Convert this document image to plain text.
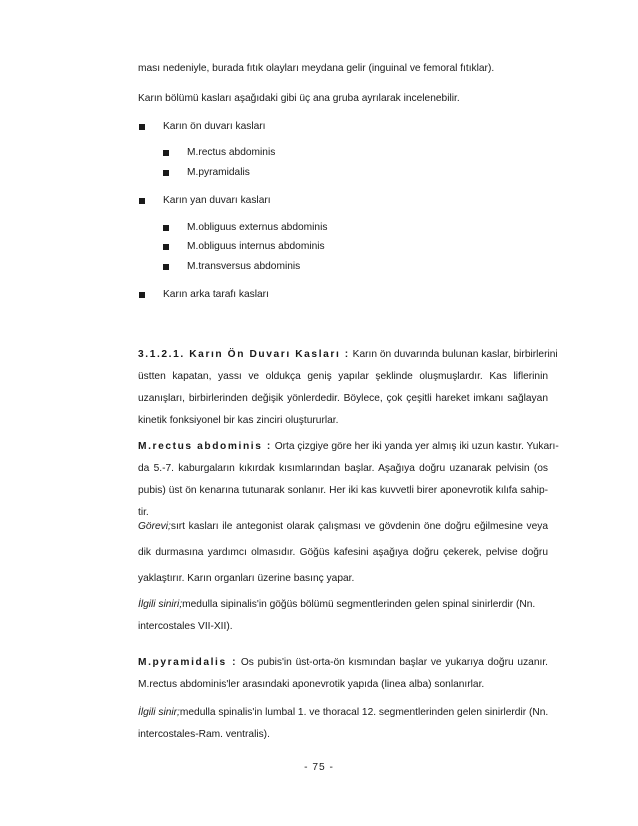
ması nedeniyle, burada fıtık olayları meydana gelir (inguinal ve femoral fıtıklar).
Karın bölümü kasları aşağıdaki gibi üç ana gruba ayrılarak incelenebilir.
Karın ön duvarı kasları
M.rectus abdominis
M.pyramidalis
Karın yan duvarı kasları
M.obliguus externus abdominis
M.obliguus internus abdominis
M.transversus abdominis
Karın arka tarafı kasları
3.1.2.1. Karın Ön Duvarı Kasları : Karın ön duvarında bulunan kaslar, birbirlerini
üstten kapatan, yassı ve oldukça geniş yapılar şeklinde oluşmuşlardır. Kas liflerinin
uzanışları, birbirlerinden değişik yönlerdedir. Böylece, çok çeşitli hareket imkanı sağlayan
kinetik fonksiyonel bir kas zinciri oluştururlar.
M.rectus abdominis : Orta çizgiye göre her iki yanda yer almış iki uzun kastır. Yukarı-
da 5.-7. kaburgaların kıkırdak kısımlarından başlar. Aşağıya doğru uzanarak pelvisin (os
pubis) üst ön kenarına tutunarak sonlanır. Her iki kas kuvvetli birer aponevrotik kılıfa sahip-
tir.
Görevi;sırt kasları ile antegonist olarak çalışması ve gövdenin öne doğru eğilmesine veya
dik durmasına yardımcı olmasıdır. Göğüs kafesini aşağıya doğru çekerek, pelvise doğru
yaklaştırır. Karın organları üzerine basınç yapar.
İlgili siniri;medulla sipinalis'in göğüs bölümü segmentlerinden gelen spinal sinirlerdir (Nn.
intercostales VII-XII).
M.pyramidalis : Os pubis'in üst-orta-ön kısmından başlar ve yukarıya doğru uzanır.
M.rectus abdominis'ler arasındaki aponevrotik yapıda (linea alba) sonlanırlar.
- 75 -
İlgili sinir;medulla spinalis'in lumbal 1. ve thoracal 12. segmentlerinden gelen sinirlerdir (Nn.
intercostales-Ram. ventralis).
